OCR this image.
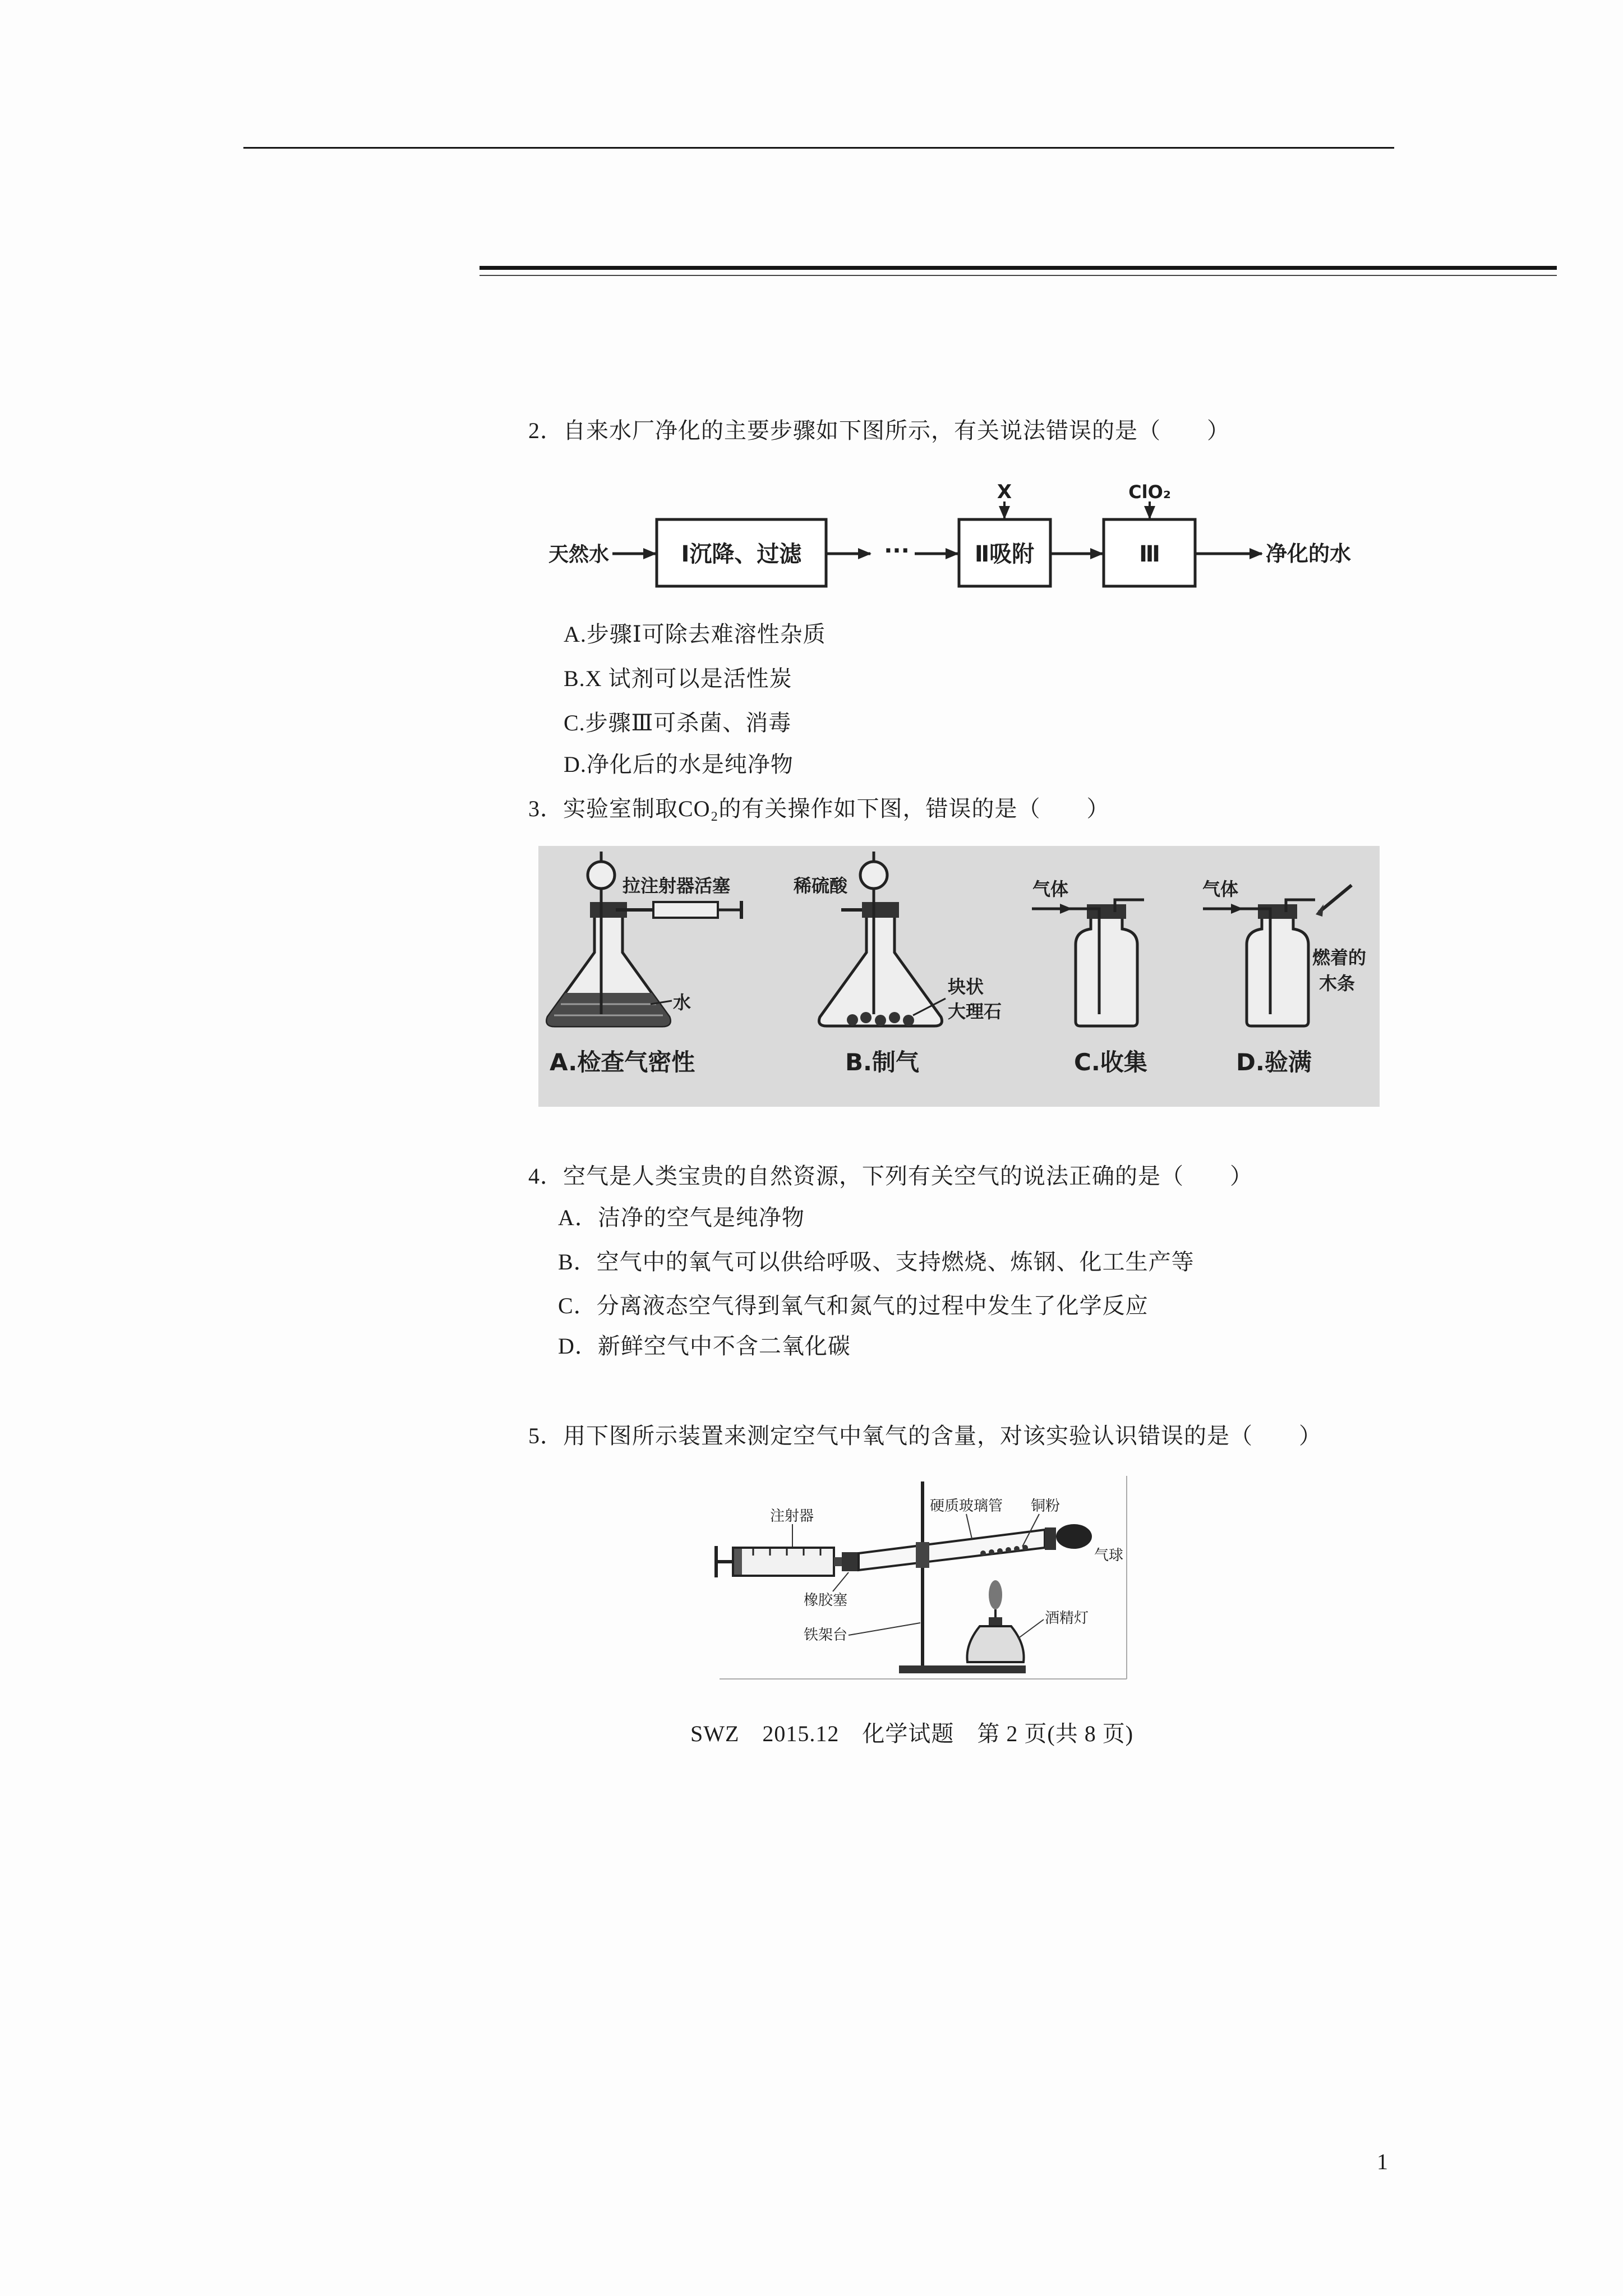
2．自来水厂净化的主要步骤如下图所示，有关说法错误的是（　　）
天然水	Ⅰ沉降、过滤	···	Ⅱ吸附
X
Ⅲ
ClO₂
净化的水
A.步骤Ⅰ可除去难溶性杂质
B.X 试剂可以是活性炭
C.步骤Ⅲ可杀菌、消毒
D.净化后的水是纯净物
3．实验室制取CO₂的有关操作如下图，错误的是（　　）
拉注射器活塞
水
A.检查气密性
稀硫酸
块状
大理石
B.制气
气体
C.收集
气体
燃着的
木条
D.验满
4．空气是人类宝贵的自然资源，下列有关空气的说法正确的是（　　）
A．洁净的空气是纯净物
B．空气中的氧气可以供给呼吸、支持燃烧、炼钢、化工生产等
C．分离液态空气得到氧气和氮气的过程中发生了化学反应
D．新鲜空气中不含二氧化碳
5．用下图所示装置来测定空气中氧气的含量，对该实验认识错误的是（　　）
注射器
硬质玻璃管 铜粉
气球
橡胶塞
铁架台
酒精灯
SWZ　2015.12　化学试题　第 2 页(共 8 页)
1
